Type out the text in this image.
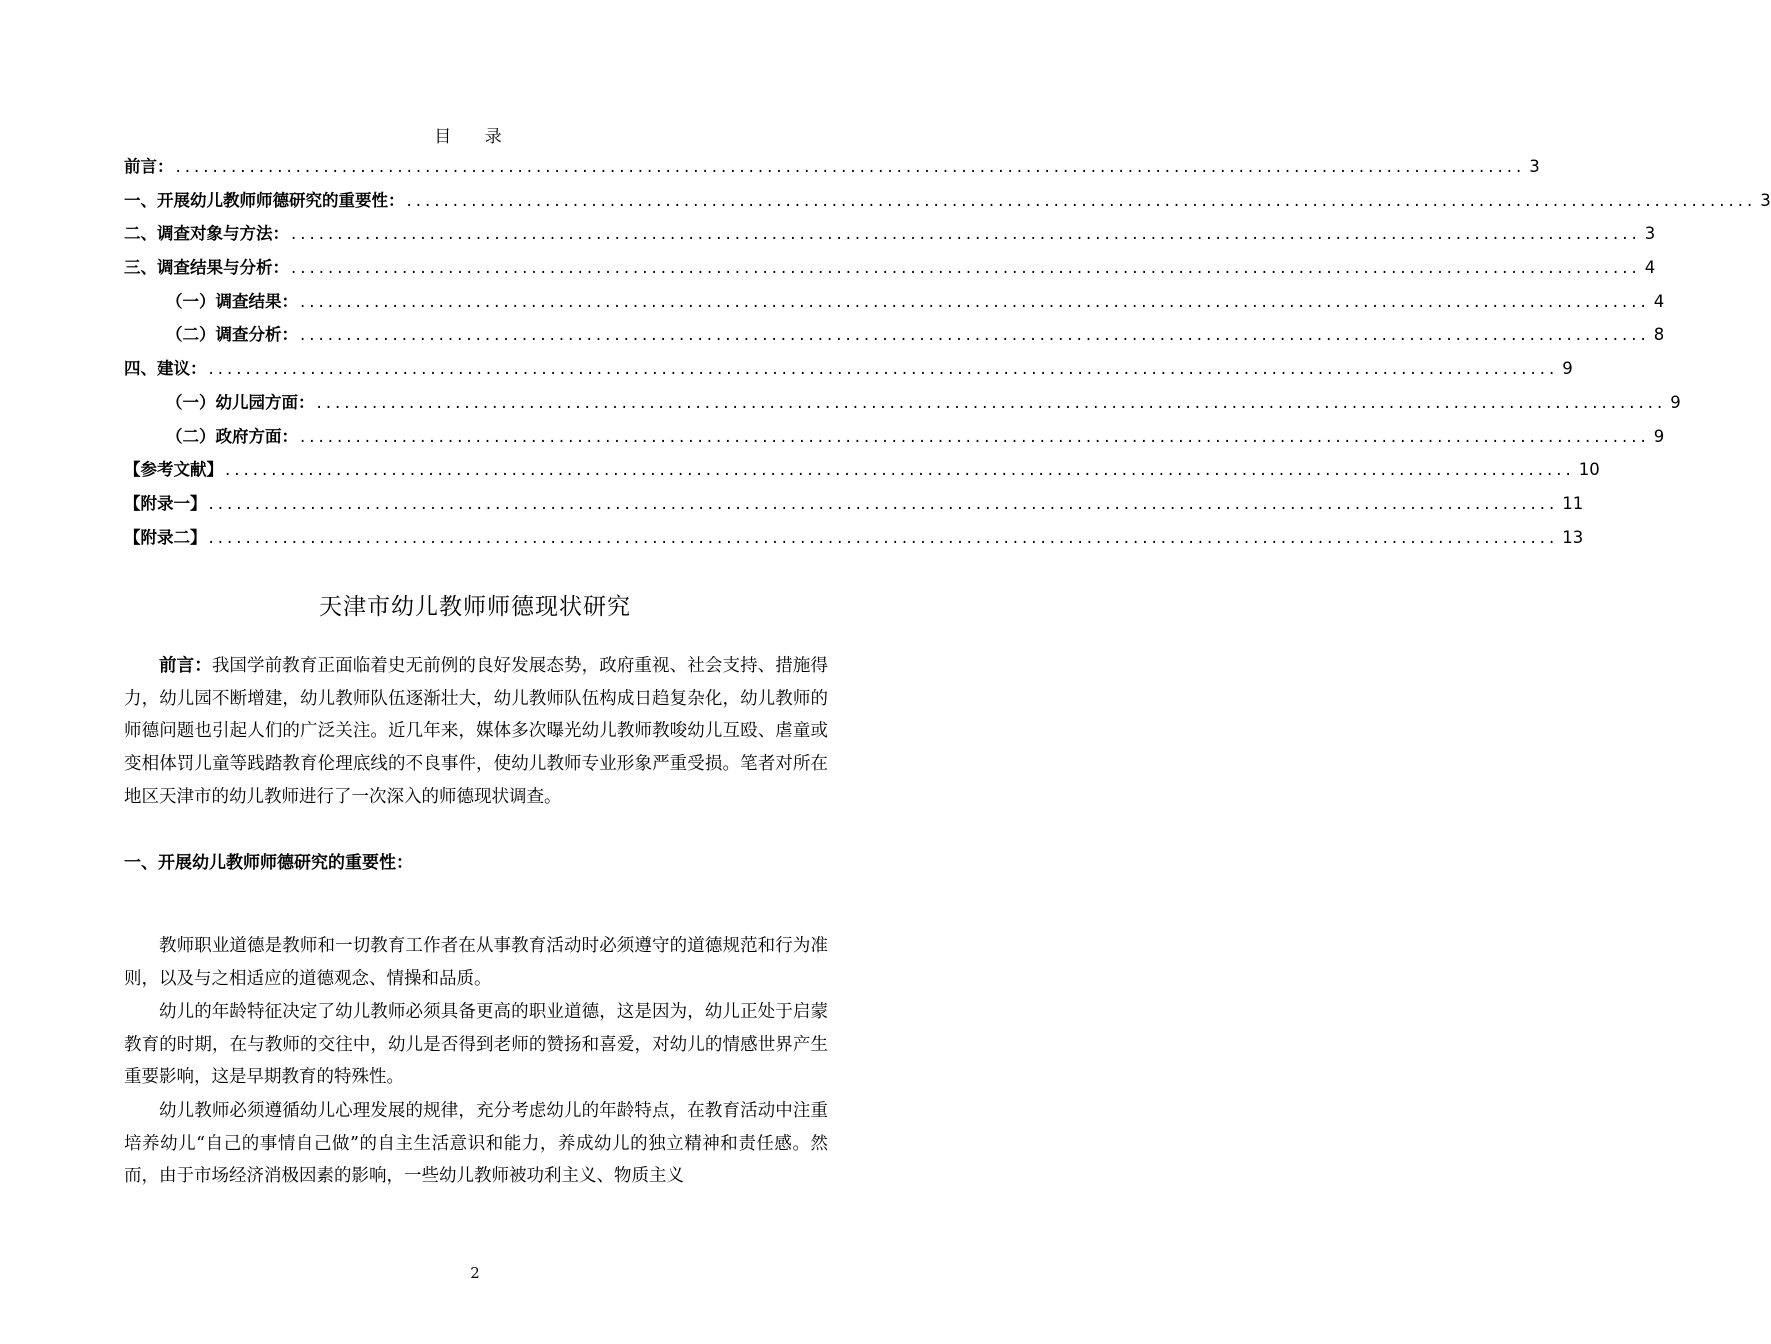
目 录
前言： .................................................................................................................................................. 3
一、开展幼儿教师师德研究的重要性： .................................................................................................................................................. 3
二、调查对象与方法： .................................................................................................................................................. 3
三、调查结果与分析： .................................................................................................................................................. 4
（一）调查结果： .................................................................................................................................................. 4
（二）调查分析： .................................................................................................................................................. 8
四、建议： .................................................................................................................................................. 9
（一）幼儿园方面： .................................................................................................................................................. 9
（二）政府方面： .................................................................................................................................................. 9
【参考文献】 .................................................................................................................................................. 10
【附录一】 .................................................................................................................................................. 11
【附录二】 .................................................................................................................................................. 13
天津市幼儿教师师德现状研究

前言：我国学前教育正面临着史无前例的良好发展态势，政府重视、社会支持、措施得力，幼儿园不断增建，幼儿教师队伍逐渐壮大，幼儿教师队伍构成日趋复杂化，幼儿教师的师德问题也引起人们的广泛关注。近几年来，媒体多次曝光幼儿教师教唆幼儿互殴、虐童或变相体罚儿童等践踏教育伦理底线的不良事件，使幼儿教师专业形象严重受损。笔者对所在地区天津市的幼儿教师进行了一次深入的师德现状调查。

一、开展幼儿教师师德研究的重要性：

教师职业道德是教师和一切教育工作者在从事教育活动时必须遵守的道德规范和行为准则，以及与之相适应的道德观念、情操和品质。

幼儿的年龄特征决定了幼儿教师必须具备更高的职业道德，这是因为，幼儿正处于启蒙教育的时期，在与教师的交往中，幼儿是否得到老师的赞扬和喜爱，对幼儿的情感世界产生重要影响，这是早期教育的特殊性。

幼儿教师必须遵循幼儿心理发展的规律，充分考虑幼儿的年龄特点，在教育活动中注重培养幼儿“自己的事情自己做”的自主生活意识和能力，养成幼儿的独立精神和责任感。然而，由于市场经济消极因素的影响，一些幼儿教师被功利主义、物质主义

2
